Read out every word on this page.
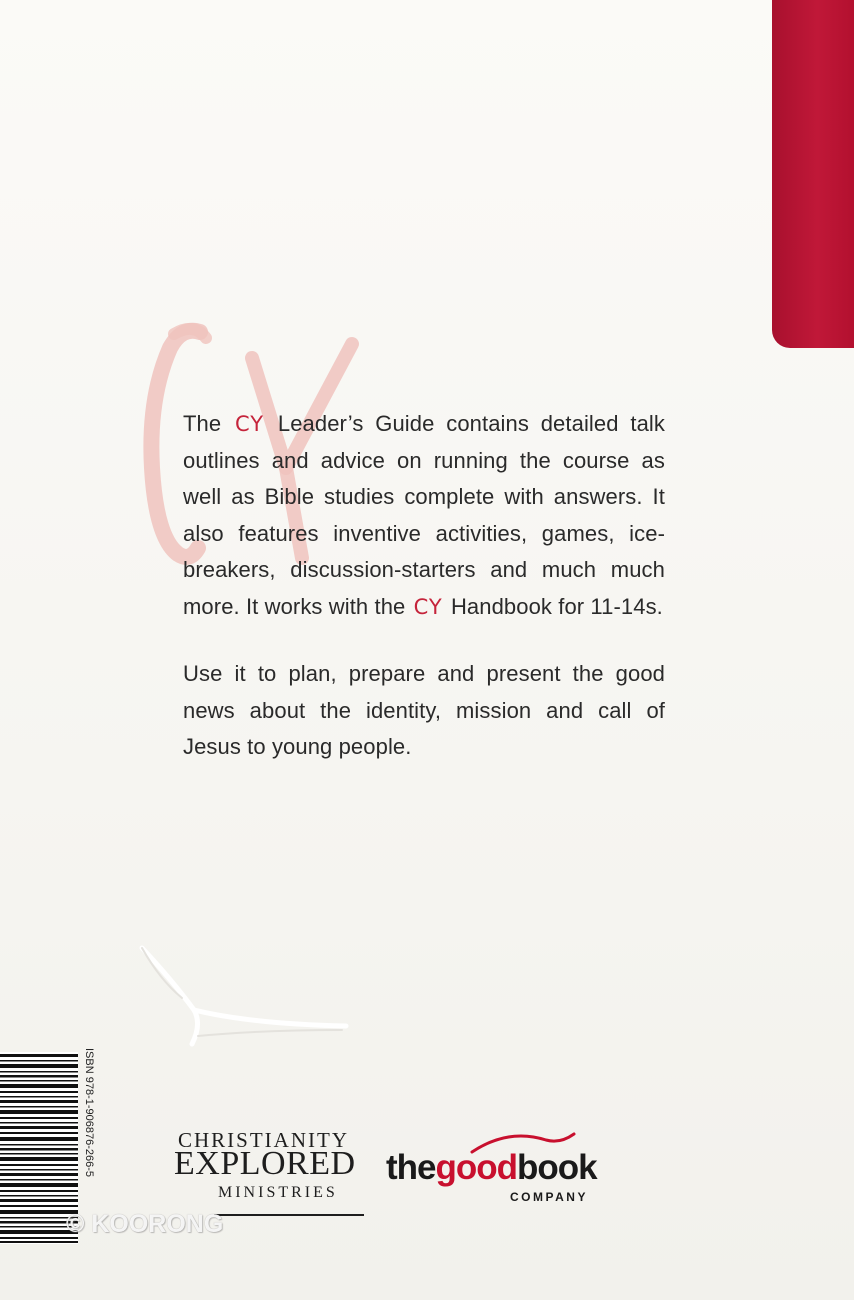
The CY Leader’s Guide contains detailed talk outlines and advice on running the course as well as Bible studies complete with answers. It also features inventive activities, games, ice-breakers, discussion-starters and much much more. It works with the CY Handbook for 11-14s.

Use it to plan, prepare and present the good news about the identity, mission and call of Jesus to young people.

ISBN 978-1-906876-266-5	CHRISTIANITY
EXPLORED
MINISTRIES
thegoodbook
COMPANY
© KOORONG
